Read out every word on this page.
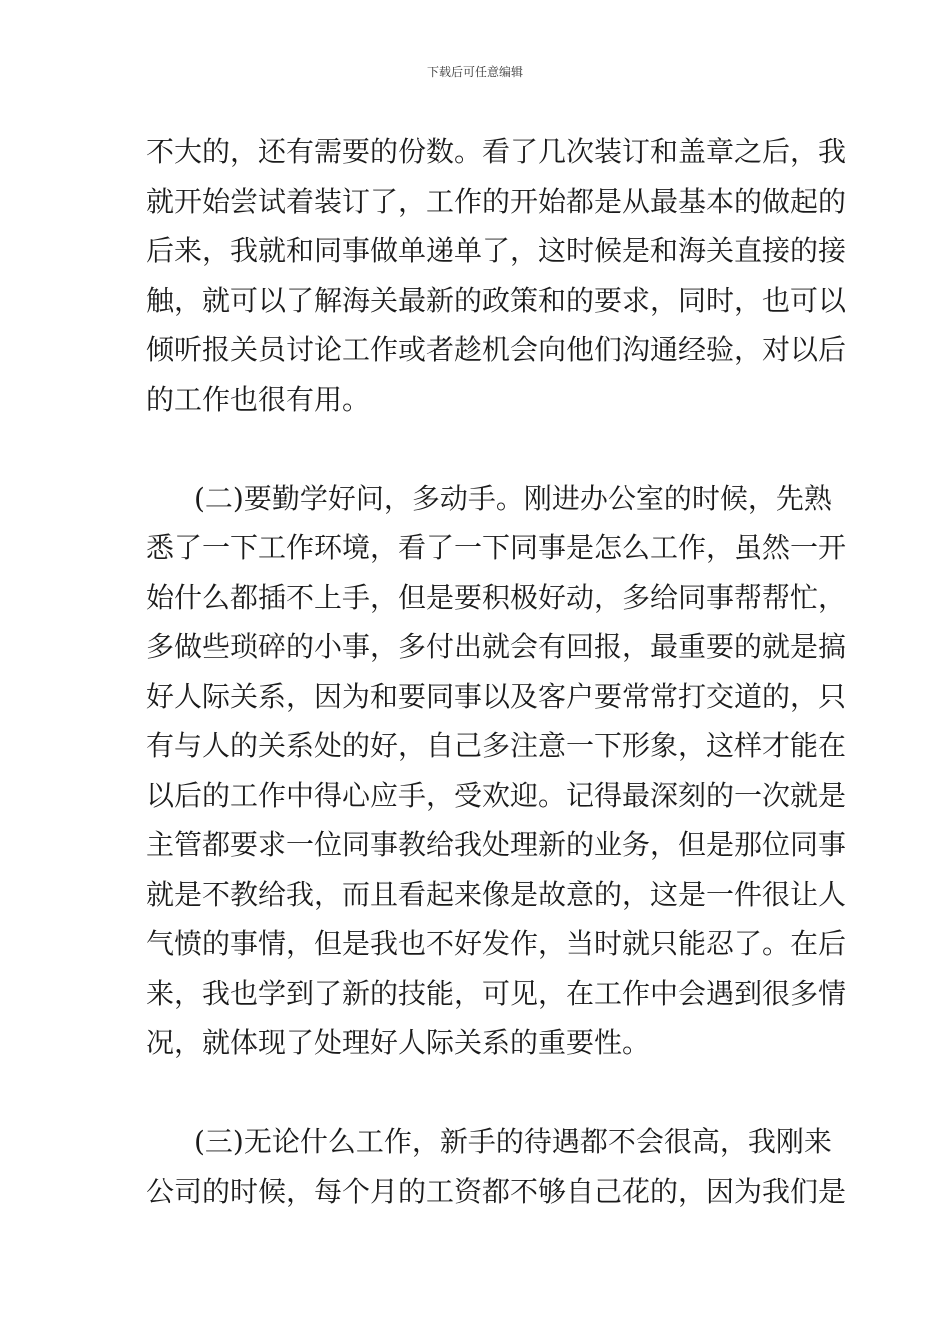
下载后可任意编辑
不大的，还有需要的份数。看了几次装订和盖章之后，我
就开始尝试着装订了，工作的开始都是从最基本的做起的
后来，我就和同事做单递单了，这时候是和海关直接的接
触，就可以了解海关最新的政策和的要求，同时，也可以
倾听报关员讨论工作或者趁机会向他们沟通经验，对以后
的工作也很有用。
(二)要勤学好问，多动手。刚进办公室的时候，先熟
悉了一下工作环境，看了一下同事是怎么工作，虽然一开
始什么都插不上手，但是要积极好动，多给同事帮帮忙，
多做些琐碎的小事，多付出就会有回报，最重要的就是搞
好人际关系，因为和要同事以及客户要常常打交道的，只
有与人的关系处的好，自己多注意一下形象，这样才能在
以后的工作中得心应手，受欢迎。记得最深刻的一次就是
主管都要求一位同事教给我处理新的业务，但是那位同事
就是不教给我，而且看起来像是故意的，这是一件很让人
气愤的事情，但是我也不好发作，当时就只能忍了。在后
来，我也学到了新的技能，可见，在工作中会遇到很多情
况，就体现了处理好人际关系的重要性。
(三)无论什么工作，新手的待遇都不会很高，我刚来
公司的时候，每个月的工资都不够自己花的，因为我们是
